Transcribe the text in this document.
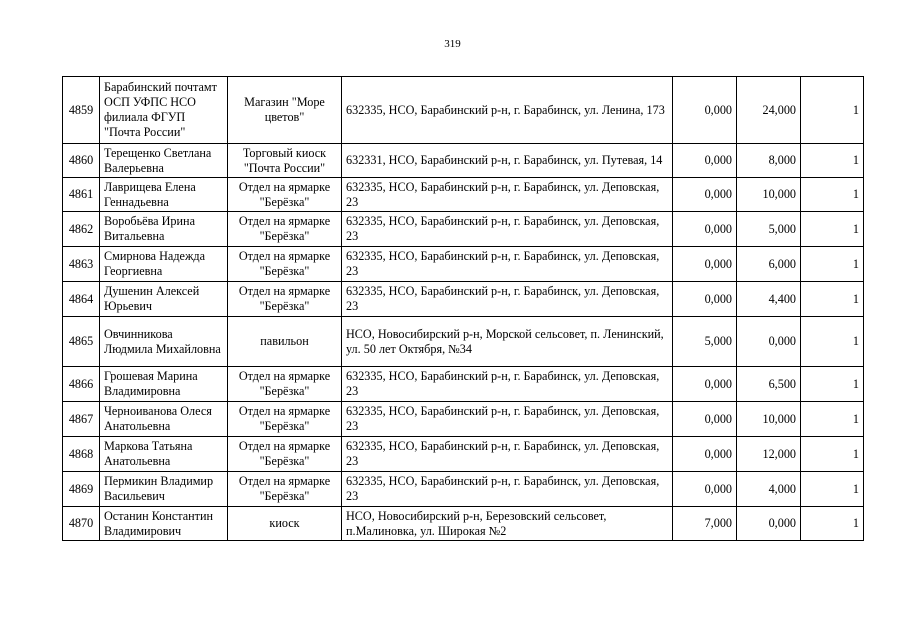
319
4859	Барабинский почтамт ОСП УФПС НСО филиала ФГУП "Почта России"	Магазин "Море цветов"	632335, НСО, Барабинский р-н, г. Барабинск, ул. Ленина, 173	0,000	24,000	1
4860	Терещенко Светлана Валерьевна	Торговый киоск "Почта России"	632331, НСО, Барабинский р-н, г. Барабинск, ул. Путевая, 14	0,000	8,000	1
4861	Лаврищева Елена Геннадьевна	Отдел на ярмарке "Берёзка"	632335, НСО, Барабинский р-н, г. Барабинск, ул. Деповская, 23	0,000	10,000	1
4862	Воробьёва Ирина Витальевна	Отдел на ярмарке "Берёзка"	632335, НСО, Барабинский р-н, г. Барабинск, ул. Деповская, 23	0,000	5,000	1
4863	Смирнова Надежда Георгиевна	Отдел на ярмарке "Берёзка"	632335, НСО, Барабинский р-н, г. Барабинск, ул. Деповская, 23	0,000	6,000	1
4864	Душенин Алексей Юрьевич	Отдел на ярмарке "Берёзка"	632335, НСО, Барабинский р-н, г. Барабинск, ул. Деповская, 23	0,000	4,400	1
4865	Овчинникова Людмила Михайловна	павильон	НСО, Новосибирский р-н, Морской сельсовет, п. Ленинский, ул. 50 лет Октября, №34	5,000	0,000	1
4866	Грошевая Марина Владимировна	Отдел на ярмарке "Берёзка"	632335, НСО, Барабинский р-н, г. Барабинск, ул. Деповская, 23	0,000	6,500	1
4867	Черноиванова Олеся Анатольевна	Отдел на ярмарке "Берёзка"	632335, НСО, Барабинский р-н, г. Барабинск, ул. Деповская, 23	0,000	10,000	1
4868	Маркова Татьяна Анатольевна	Отдел на ярмарке "Берёзка"	632335, НСО, Барабинский р-н, г. Барабинск, ул. Деповская, 23	0,000	12,000	1
4869	Пермикин Владимир Васильевич	Отдел на ярмарке "Берёзка"	632335, НСО, Барабинский р-н, г. Барабинск, ул. Деповская, 23	0,000	4,000	1
4870	Останин Константин Владимирович	киоск	НСО, Новосибирский р-н, Березовский сельсовет, п.Малиновка, ул. Широкая №2	7,000	0,000	1
